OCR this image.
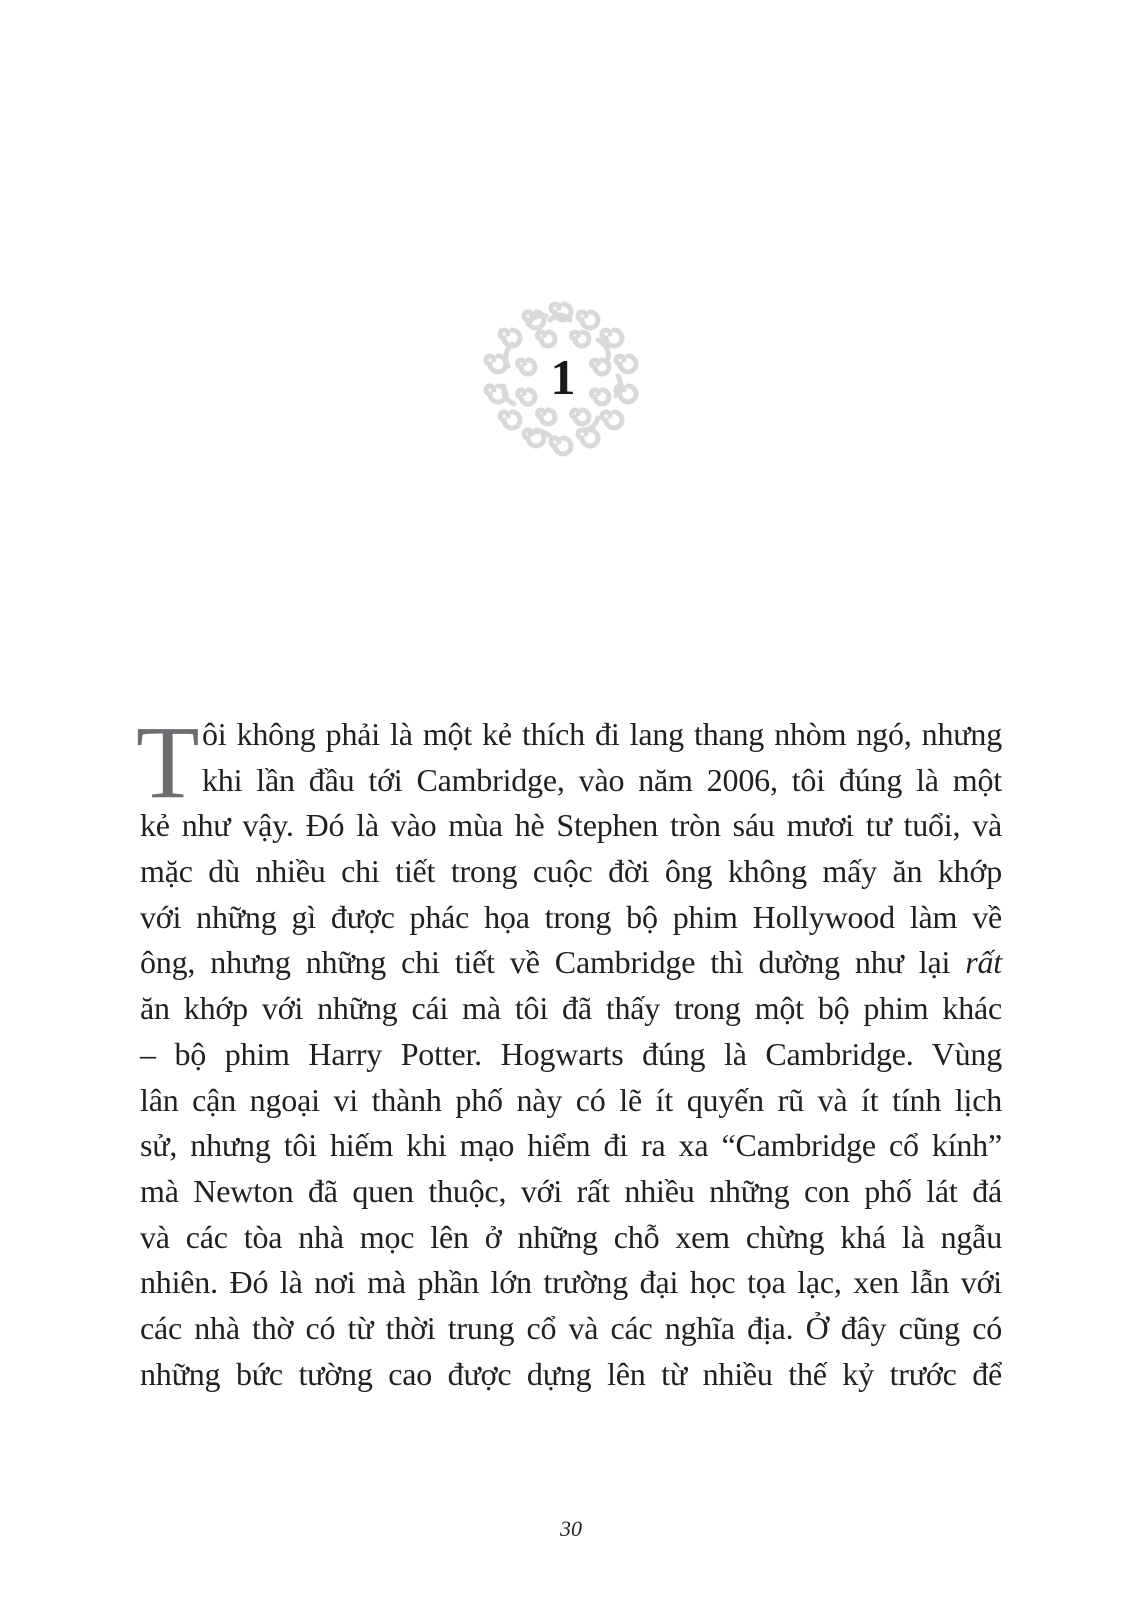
1
T ôi không phải là một kẻ thích đi lang thang nhòm ngó, nhưng
khi lần đầu tới Cambridge, vào năm 2006, tôi đúng là một
kẻ như vậy. Đó là vào mùa hè Stephen tròn sáu mươi tư tuổi, và
mặc dù nhiều chi tiết trong cuộc đời ông không mấy ăn khớp
với những gì được phác họa trong bộ phim Hollywood làm về
ông, nhưng những chi tiết về Cambridge thì dường như lại rất
ăn khớp với những cái mà tôi đã thấy trong một bộ phim khác
– bộ phim Harry Potter. Hogwarts đúng là Cambridge. Vùng
lân cận ngoại vi thành phố này có lẽ ít quyến rũ và ít tính lịch
sử, nhưng tôi hiếm khi mạo hiểm đi ra xa “Cambridge cổ kính”
mà Newton đã quen thuộc, với rất nhiều những con phố lát đá
và các tòa nhà mọc lên ở những chỗ xem chừng khá là ngẫu
nhiên. Đó là nơi mà phần lớn trường đại học tọa lạc, xen lẫn với
các nhà thờ có từ thời trung cổ và các nghĩa địa. Ở đây cũng có
những bức tường cao được dựng lên từ nhiều thế kỷ trước để
30
